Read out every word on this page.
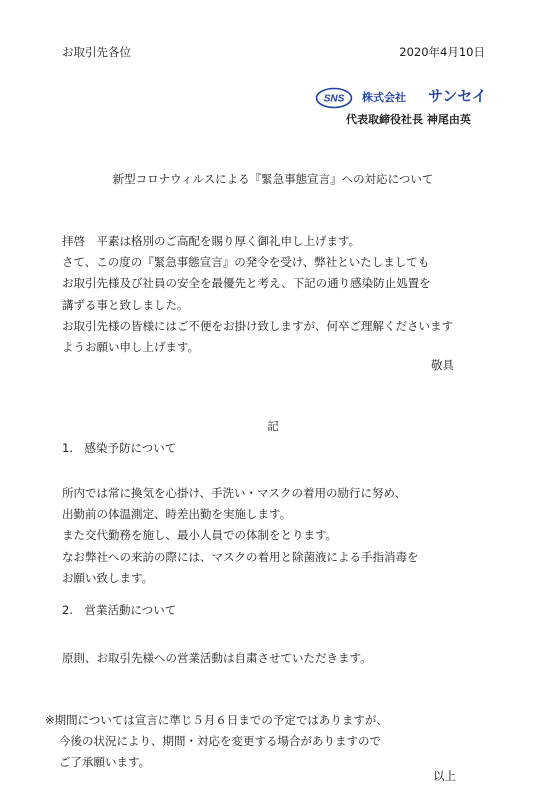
お取引先各位	2020年4月10日
SNS 株式会社 サンセイ
代表取締役社長 神尾由英
新型コロナウィルスによる『緊急事態宣言』への対応について
拝啓　平素は格別のご高配を賜り厚く御礼申し上げます。
さて、この度の『緊急事態宣言』の発令を受け、弊社といたしましても
お取引先様及び社員の安全を最優先と考え、下記の通り感染防止処置を
講ずる事と致しました。
お取引先様の皆様にはご不便をお掛け致しますが、何卒ご理解くださいます
ようお願い申し上げます。
敬具
記
1.　感染予防について
所内では常に換気を心掛け、手洗い・マスクの着用の励行に努め、
出勤前の体温測定、時差出勤を実施します。
また交代勤務を施し、最小人員での体制をとります。
なお弊社への来訪の際には、マスクの着用と除菌液による手指消毒を
お願い致します。
2.　営業活動について
原則、お取引先様への営業活動は自粛させていただきます。
※期間については宣言に準じ５月６日までの予定ではありますが、
今後の状況により、期間・対応を変更する場合がありますので
ご了承願います。
以上
